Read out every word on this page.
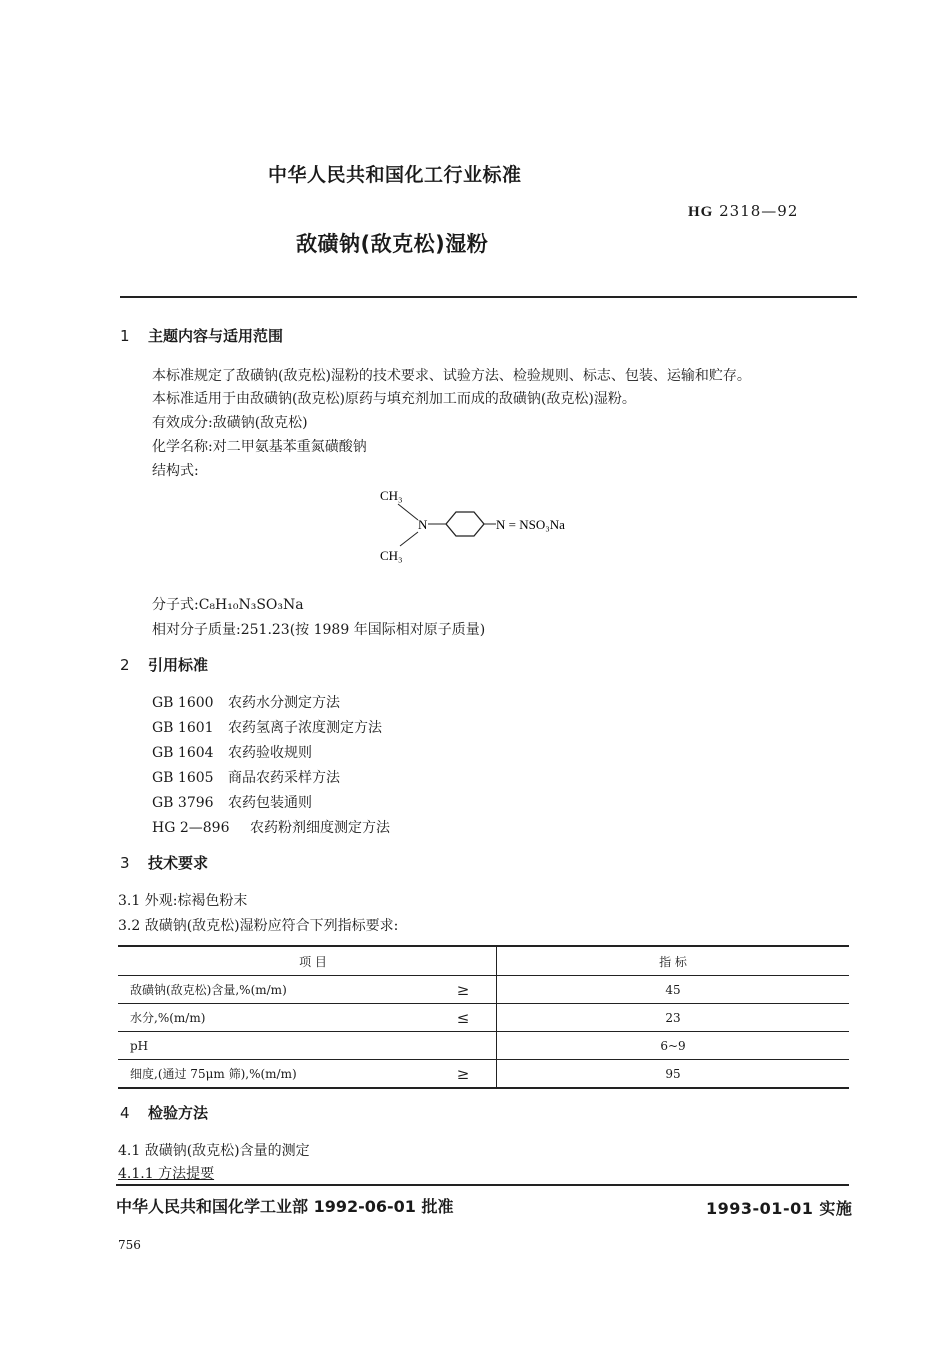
中华人民共和国化工行业标准
HG 2318—92
敌磺钠(敌克松)湿粉
1 主题内容与适用范围
本标准规定了敌磺钠(敌克松)湿粉的技术要求、试验方法、检验规则、标志、包装、运输和贮存。
本标准适用于由敌磺钠(敌克松)原药与填充剂加工而成的敌磺钠(敌克松)湿粉。
有效成分:敌磺钠(敌克松)
化学名称:对二甲氨基苯重氮磺酸钠
结构式:
CH₃
N	N = NSO₃Na
CH₃
分子式:C₈H₁₀N₃SO₃Na
相对分子质量:251.23(按 1989 年国际相对原子质量)
2 引用标准
GB 1600 农药水分测定方法
GB 1601 农药氢离子浓度测定方法
GB 1604 农药验收规则
GB 1605 商品农药采样方法
GB 3796 农药包装通则
HG 2—896 农药粉剂细度测定方法
3 技术要求
3.1 外观:棕褐色粉末
3.2 敌磺钠(敌克松)湿粉应符合下列指标要求:
项 目		指 标
敌磺钠(敌克松)含量,%(m/m)	≥	45
水分,%(m/m)	≤	23
pH		6~9
细度,(通过 75μm 筛),%(m/m)	≥	95
4 检验方法
4.1 敌磺钠(敌克松)含量的测定
4.1.1 方法提要
中华人民共和国化学工业部 1992-06-01 批准	1993-01-01 实施
756
